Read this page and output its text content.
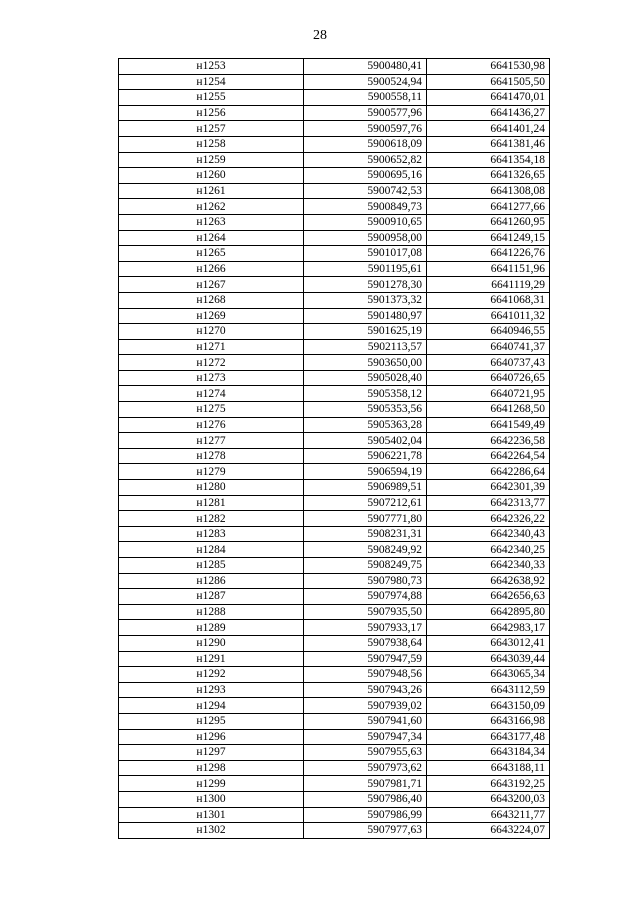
28
н1253	5900480,41	6641530,98
н1254	5900524,94	6641505,50
н1255	5900558,11	6641470,01
н1256	5900577,96	6641436,27
н1257	5900597,76	6641401,24
н1258	5900618,09	6641381,46
н1259	5900652,82	6641354,18
н1260	5900695,16	6641326,65
н1261	5900742,53	6641308,08
н1262	5900849,73	6641277,66
н1263	5900910,65	6641260,95
н1264	5900958,00	6641249,15
н1265	5901017,08	6641226,76
н1266	5901195,61	6641151,96
н1267	5901278,30	6641119,29
н1268	5901373,32	6641068,31
н1269	5901480,97	6641011,32
н1270	5901625,19	6640946,55
н1271	5902113,57	6640741,37
н1272	5903650,00	6640737,43
н1273	5905028,40	6640726,65
н1274	5905358,12	6640721,95
н1275	5905353,56	6641268,50
н1276	5905363,28	6641549,49
н1277	5905402,04	6642236,58
н1278	5906221,78	6642264,54
н1279	5906594,19	6642286,64
н1280	5906989,51	6642301,39
н1281	5907212,61	6642313,77
н1282	5907771,80	6642326,22
н1283	5908231,31	6642340,43
н1284	5908249,92	6642340,25
н1285	5908249,75	6642340,33
н1286	5907980,73	6642638,92
н1287	5907974,88	6642656,63
н1288	5907935,50	6642895,80
н1289	5907933,17	6642983,17
н1290	5907938,64	6643012,41
н1291	5907947,59	6643039,44
н1292	5907948,56	6643065,34
н1293	5907943,26	6643112,59
н1294	5907939,02	6643150,09
н1295	5907941,60	6643166,98
н1296	5907947,34	6643177,48
н1297	5907955,63	6643184,34
н1298	5907973,62	6643188,11
н1299	5907981,71	6643192,25
н1300	5907986,40	6643200,03
н1301	5907986,99	6643211,77
н1302	5907977,63	6643224,07
